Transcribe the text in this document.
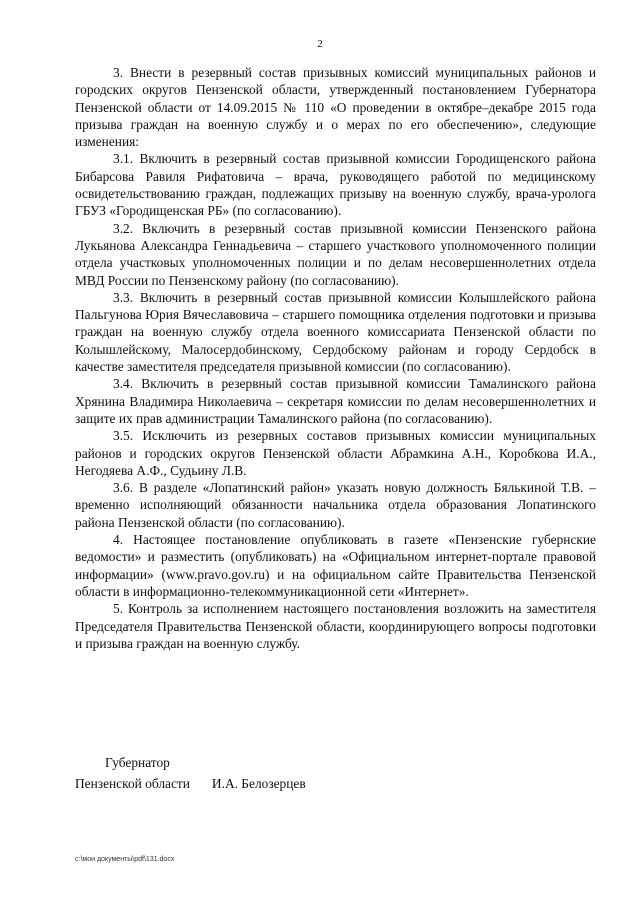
2

3. Внести в резервный состав призывных комиссий муниципальных районов и городских округов Пензенской области, утвержденный постановлением Губернатора Пензенской области от 14.09.2015 № 110 «О проведении в октябре–декабре 2015 года призыва граждан на военную службу и о мерах по его обеспечению», следующие изменения:

3.1. Включить в резервный состав призывной комиссии Городищенского района Бибарсова Равиля Рифатовича – врача, руководящего работой по медицинскому освидетельствованию граждан, подлежащих призыву на военную службу, врача-уролога ГБУЗ «Городищенская РБ» (по согласованию).

3.2. Включить в резервный состав призывной комиссии Пензенского района Лукьянова Александра Геннадьевича – старшего участкового уполномоченного полиции отдела участковых уполномоченных полиции и по делам несовершеннолетних отдела МВД России по Пензенскому району (по согласованию).

3.3. Включить в резервный состав призывной комиссии Колышлейского района Пальгунова Юрия Вячеславовича – старшего помощника отделения подготовки и призыва граждан на военную службу отдела военного комиссариата Пензенской области по Колышлейскому, Малосердобинскому, Сердобскому районам и городу Сердобск в качестве заместителя председателя призывной комиссии (по согласованию).

3.4. Включить в резервный состав призывной комиссии Тамалинского района Хрянина Владимира Николаевича – секретаря комиссии по делам несовершеннолетних и защите их прав администрации Тамалинского района (по согласованию).

3.5. Исключить из резервных составов призывных комиссии муниципальных районов и городских округов Пензенской области Абрамкина А.Н., Коробкова И.А., Негодяева А.Ф., Судьину Л.В.

3.6. В разделе «Лопатинский район» указать новую должность Бялькиной Т.В. – временно исполняющий обязанности начальника отдела образования Лопатинского района Пензенской области (по согласованию).

4. Настоящее постановление опубликовать в газете «Пензенские губернские ведомости» и разместить (опубликовать) на «Официальном интернет-портале правовой информации» (www.pravo.gov.ru) и на официальном сайте Правительства Пензенской области в информационно-телекоммуникационной сети «Интернет».

5. Контроль за исполнением настоящего постановления возложить на заместителя Председателя Правительства Пензенской области, координирующего вопросы подготовки и призыва граждан на военную службу.

Губернатор
Пензенской области И.А. Белозерцев
c:\мои документы\pdf\131.docx
